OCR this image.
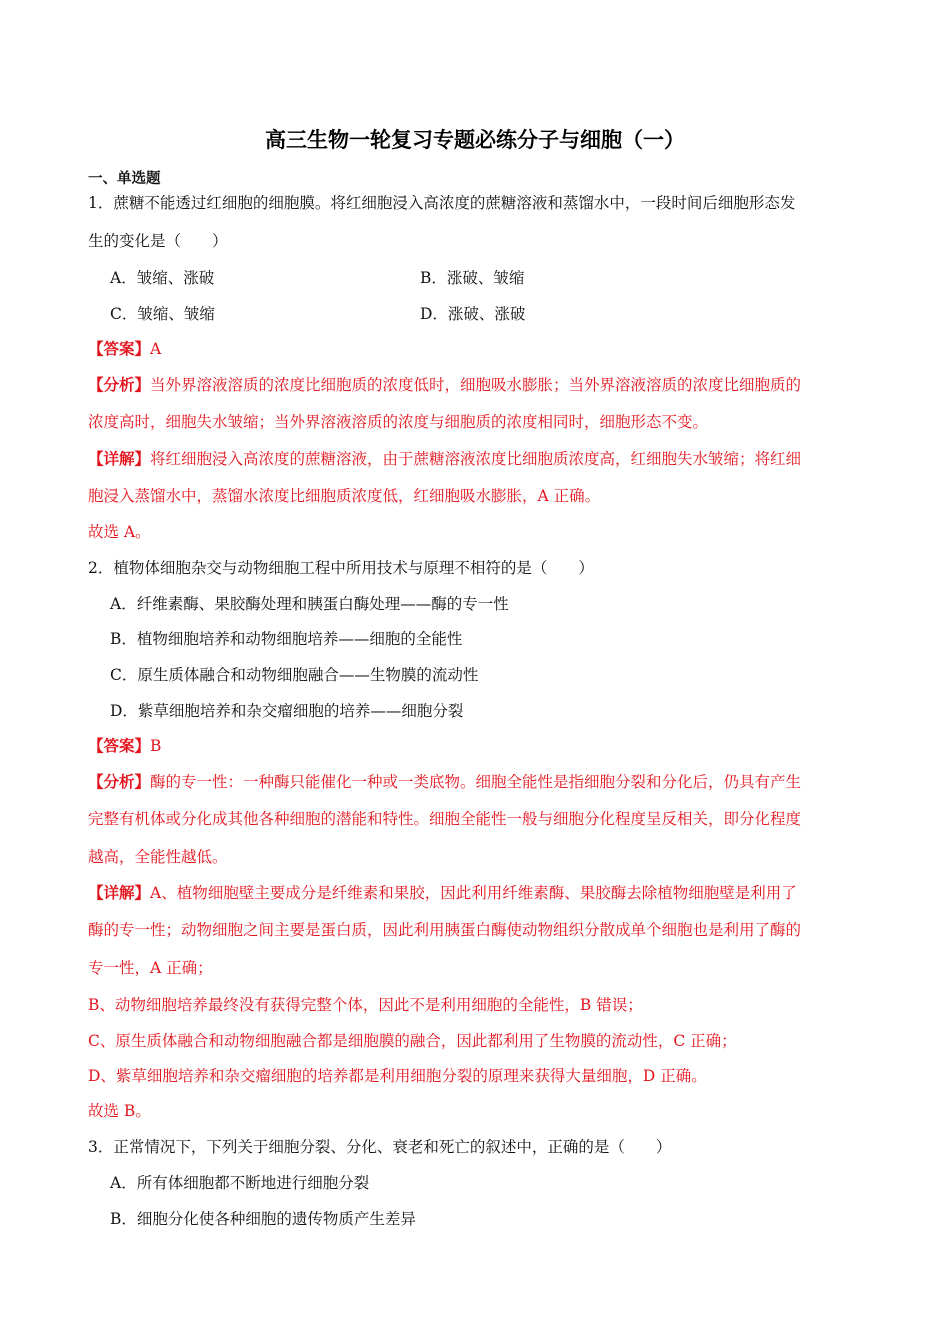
高三生物一轮复习专题必练分子与细胞（一）
一、单选题
1．蔗糖不能透过红细胞的细胞膜。将红细胞浸入高浓度的蔗糖溶液和蒸馏水中，一段时间后细胞形态发
生的变化是（　　）
A．皱缩、涨破	B．涨破、皱缩
C．皱缩、皱缩	D．涨破、涨破
【答案】A
【分析】当外界溶液溶质的浓度比细胞质的浓度低时，细胞吸水膨胀；当外界溶液溶质的浓度比细胞质的
浓度高时，细胞失水皱缩；当外界溶液溶质的浓度与细胞质的浓度相同时，细胞形态不变。
【详解】将红细胞浸入高浓度的蔗糖溶液，由于蔗糖溶液浓度比细胞质浓度高，红细胞失水皱缩；将红细
胞浸入蒸馏水中，蒸馏水浓度比细胞质浓度低，红细胞吸水膨胀，A 正确。
故选 A。
2．植物体细胞杂交与动物细胞工程中所用技术与原理不相符的是（　　）
A．纤维素酶、果胶酶处理和胰蛋白酶处理——酶的专一性
B．植物细胞培养和动物细胞培养——细胞的全能性
C．原生质体融合和动物细胞融合——生物膜的流动性
D．紫草细胞培养和杂交瘤细胞的培养——细胞分裂
【答案】B
【分析】酶的专一性：一种酶只能催化一种或一类底物。细胞全能性是指细胞分裂和分化后，仍具有产生
完整有机体或分化成其他各种细胞的潜能和特性。细胞全能性一般与细胞分化程度呈反相关，即分化程度
越高，全能性越低。
【详解】A、植物细胞壁主要成分是纤维素和果胶，因此利用纤维素酶、果胶酶去除植物细胞壁是利用了
酶的专一性；动物细胞之间主要是蛋白质，因此利用胰蛋白酶使动物组织分散成单个细胞也是利用了酶的
专一性，A 正确；
B、动物细胞培养最终没有获得完整个体，因此不是利用细胞的全能性，B 错误；
C、原生质体融合和动物细胞融合都是细胞膜的融合，因此都利用了生物膜的流动性，C 正确；
D、紫草细胞培养和杂交瘤细胞的培养都是利用细胞分裂的原理来获得大量细胞，D 正确。
故选 B。
3．正常情况下，下列关于细胞分裂、分化、衰老和死亡的叙述中，正确的是（　　）
A．所有体细胞都不断地进行细胞分裂
B．细胞分化使各种细胞的遗传物质产生差异
